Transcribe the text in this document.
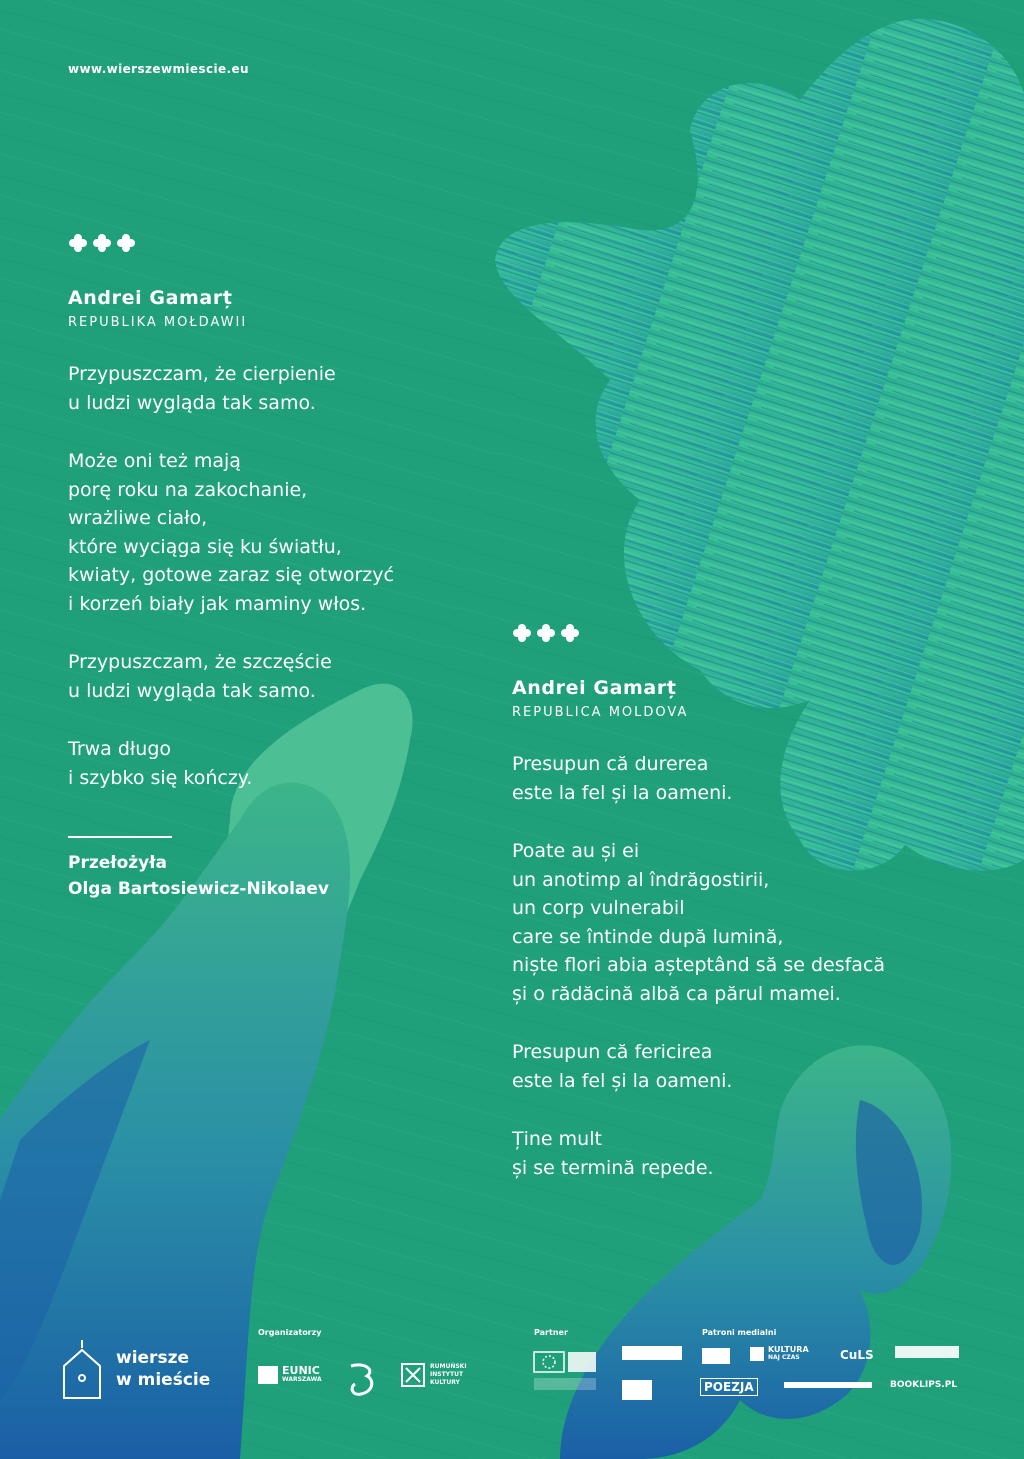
www.wierszewmiescie.eu
Andrei Gamarț
REPUBLIKA MOŁDAWII
Przypuszczam, że cierpienie
u ludzi wygląda tak samo.
Może oni też mają
porę roku na zakochanie,
wrażliwe ciało,
które wyciąga się ku światłu,
kwiaty, gotowe zaraz się otworzyć
i korzeń biały jak maminy włos.
Przypuszczam, że szczęście
u ludzi wygląda tak samo.
Trwa długo
i szybko się kończy.
Przełożyła
Olga Bartosiewicz-Nikolaev
Andrei Gamarț
REPUBLICA MOLDOVA
Presupun că durerea
este la fel și la oameni.
Poate au și ei
un anotimp al îndrăgostirii,
un corp vulnerabil
care se întinde după lumină,
niște flori abia așteptând să se desfacă
și o rădăcină albă ca părul mamei.
Presupun că fericirea
este la fel și la oameni.
Ține mult
și se termină repede.
wiersze
w mieście
Organizatorzy
EUNIC
WARSZAWA
RUMUŃSKI INSTYTUT KULTURY
Partner	Patroni medialni
KULTURA
NAJ CZAS	CuLS
POEZJA	BOOKLIPS.PL
